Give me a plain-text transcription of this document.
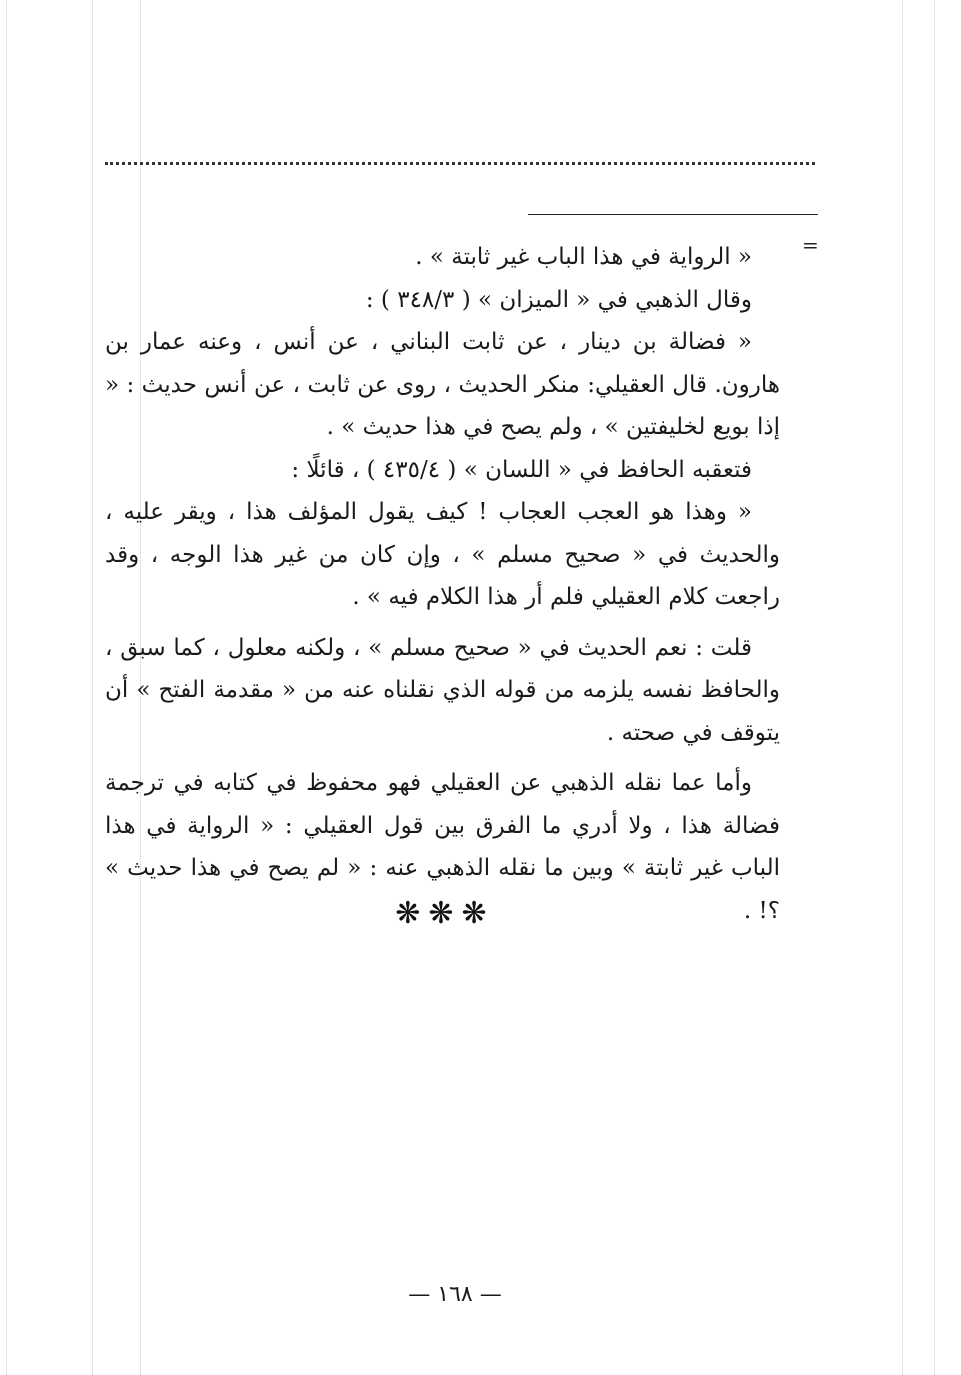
=

« الرواية في هذا الباب غير ثابتة » .

وقال الذهبي في « الميزان » ( ٣٤٨/٣ ) :

« فضالة بن دينار ، عن ثابت البناني ، عن أنس ، وعنه عمار بن هارون. قال العقيلي: منكر الحديث ، روى عن ثابت ، عن أنس حديث : « إذا بويع لخليفتين » ، ولم يصح في هذا حديث » .

فتعقبه الحافظ في « اللسان » ( ٤٣٥/٤ ) ، قائلًا :

« وهذا هو العجب العجاب ! كيف يقول المؤلف هذا ، ويقر عليه ، والحديث في « صحيح مسلم » ، وإن كان من غير هذا الوجه ، وقد راجعت كلام العقيلي فلم أر هذا الكلام فيه » .

قلت : نعم الحديث في « صحيح مسلم » ، ولكنه معلول ، كما سبق ، والحافظ نفسه يلزمه من قوله الذي نقلناه عنه من « مقدمة الفتح » أن يتوقف في صحته .

وأما عما نقله الذهبي عن العقيلي فهو محفوظ في كتابه في ترجمة فضالة هذا ، ولا أدري ما الفرق بين قول العقيلي : « الرواية في هذا الباب غير ثابتة » وبين ما نقله الذهبي عنه : « لم يصح في هذا حديث » ؟! .

❋❋❋
— ١٦٨ —
